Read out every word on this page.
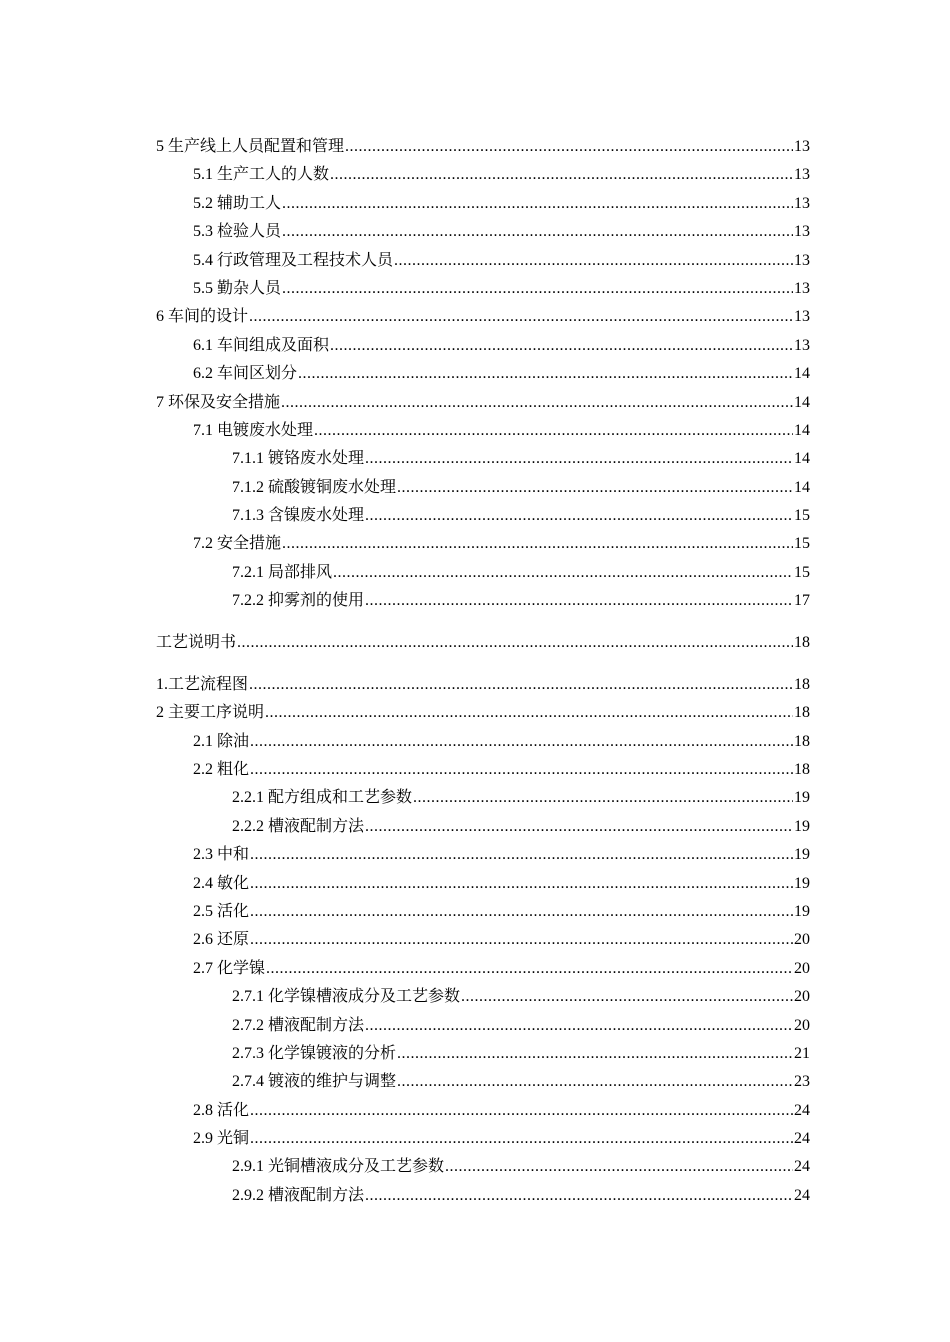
5 生产线上人员配置和管理 .....	13
5.1 生产工人的人数 .....	13
5.2 辅助工人 .....	13
5.3 检验人员 .....	13
5.4 行政管理及工程技术人员 .....	13
5.5 勤杂人员 .....	13
6 车间的设计 .....	13
6.1 车间组成及面积 .....	13
6.2 车间区划分 .....	14
7 环保及安全措施 .....	14
7.1 电镀废水处理 .....	14
7.1.1 镀铬废水处理 .....	14
7.1.2 硫酸镀铜废水处理 .....	14
7.1.3 含镍废水处理 .....	15
7.2 安全措施 .....	15
7.2.1 局部排风 .....	15
7.2.2 抑雾剂的使用 .....	17
工艺说明书 .....	18
1.工艺流程图 .....	18
2 主要工序说明 .....	18
2.1 除油 .....	18
2.2 粗化 .....	18
2.2.1 配方组成和工艺参数 .....	19
2.2.2 槽液配制方法 .....	19
2.3 中和 .....	19
2.4 敏化 .....	19
2.5 活化 .....	19
2.6 还原 .....	20
2.7 化学镍 .....	20
2.7.1 化学镍槽液成分及工艺参数 .....	20
2.7.2 槽液配制方法 .....	20
2.7.3 化学镍镀液的分析 .....	21
2.7.4 镀液的维护与调整 .....	23
2.8 活化 .....	24
2.9 光铜 .....	24
2.9.1 光铜槽液成分及工艺参数 .....	24
2.9.2 槽液配制方法 .....	24
